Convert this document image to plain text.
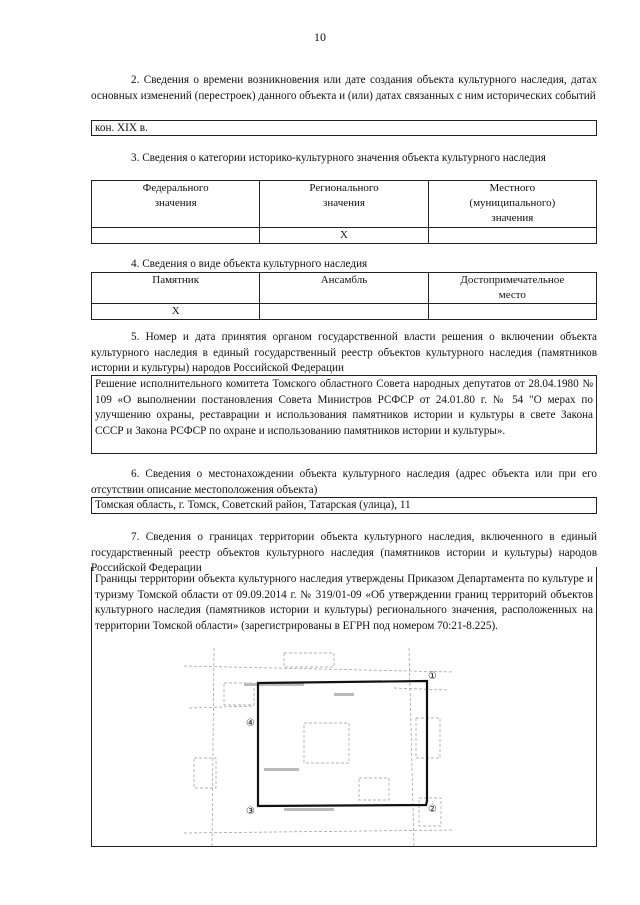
10
2. Сведения о времени возникновения или дате создания объекта культурного наследия, датах основных изменений (перестроек) данного объекта и (или) датах связанных с ним исторических событий
кон. XIX в.
3. Сведения о категории историко-культурного значения объекта культурного наследия
Федерального значения	Регионального значения	Местного (муниципального) значения
	Х	
4. Сведения о виде объекта культурного наследия
Памятник	Ансамбль	Достопримечательное место
Х		
5. Номер и дата принятия органом государственной власти решения о включении объекта культурного наследия в единый государственный реестр объектов культурного наследия (памятников истории и культуры) народов Российской Федерации
Решение исполнительного комитета Томского областного Совета народных депутатов от 28.04.1980 № 109 «О выполнении постановления Совета Министров РСФСР от 24.01.80 г. № 54 "О мерах по улучшению охраны, реставрации и использования памятников истории и культуры в свете Закона СССР и Закона РСФСР по охране и использованию памятников истории и культуры».
6. Сведения о местонахождении объекта культурного наследия (адрес объекта или при его отсутствии описание местоположения объекта)
Томская область, г. Томск, Советский район, Татарская (улица), 11
7. Сведения о границах территории объекта культурного наследия, включенного в единый государственный реестр объектов культурного наследия (памятников истории и культуры) народов Российской Федерации
Границы территории объекта культурного наследия утверждены Приказом Департамента по культуре и туризму Томской области от 09.09.2014 г. № 319/01-09 «Об утверждении границ территорий объектов культурного наследия (памятников истории и культуры) регионального значения, расположенных на территории Томской области» (зарегистрированы в ЕГРН под номером 70:21-8.225).
①
②
③
④
